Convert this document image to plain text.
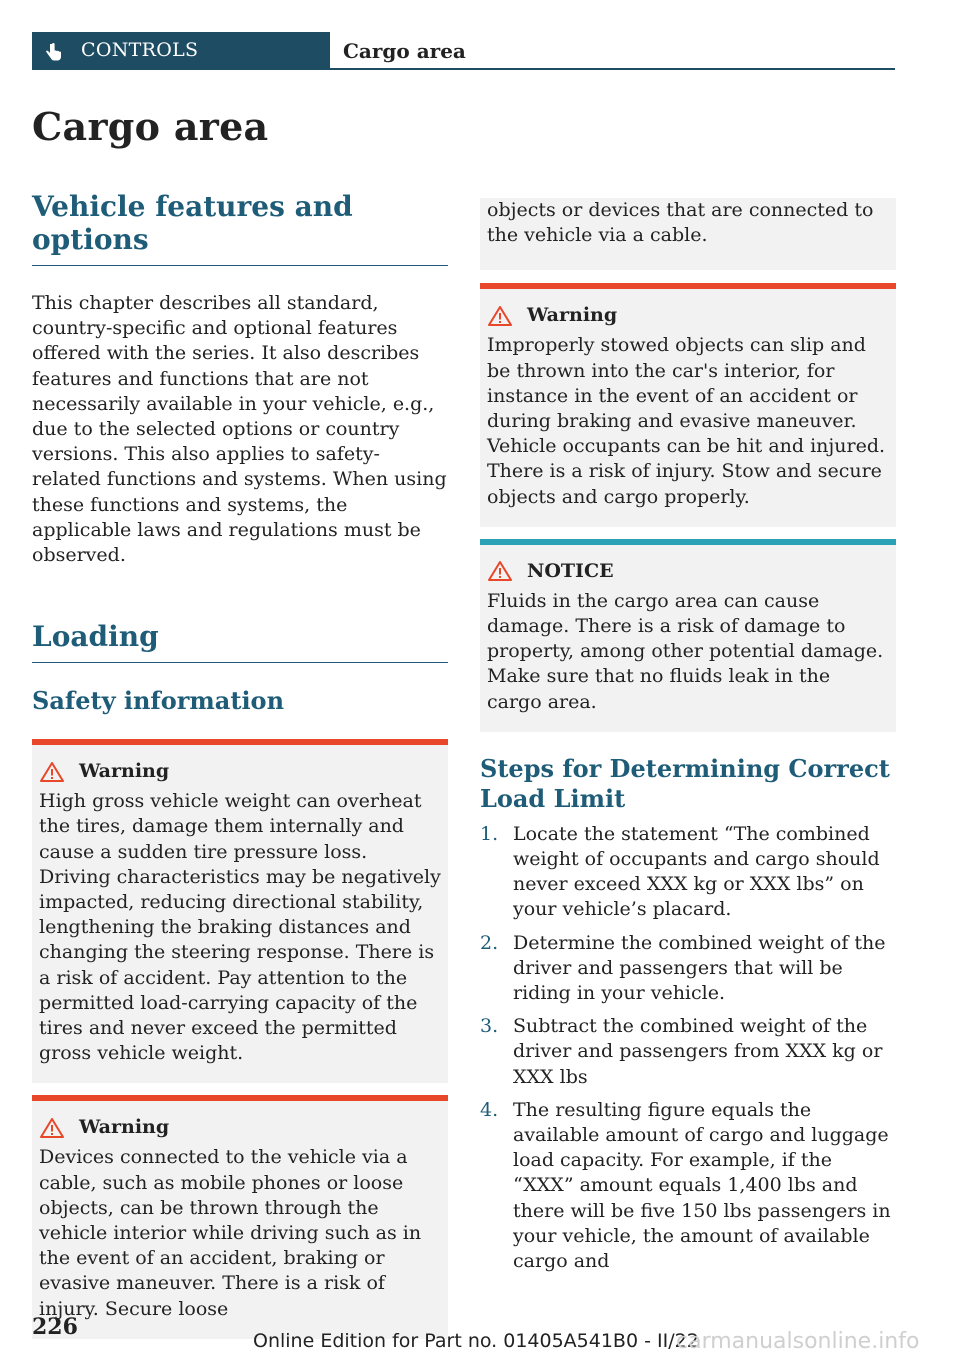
CONTROLS	Cargo area
Cargo area
Vehicle features and options

This chapter describes all standard, country-specific and optional features offered with the series. It also describes features and functions that are not necessarily available in your vehicle, e.g., due to the selected options or country versions. This also applies to safety-related functions and systems. When using these functions and systems, the applicable laws and regulations must be observed.

Loading
Safety information

Warning

High gross vehicle weight can overheat the tires, damage them internally and cause a sudden tire pressure loss. Driving characteristics may be negatively impacted, reducing directional stability, lengthening the braking distances and changing the steering response. There is a risk of accident. Pay attention to the permitted load-carrying capacity of the tires and never exceed the permitted gross vehicle weight.

Warning

Devices connected to the vehicle via a cable, such as mobile phones or loose objects, can be thrown through the vehicle interior while driving such as in the event of an accident, braking or evasive maneuver. There is a risk of injury. Secure loose

objects or devices that are connected to the vehicle via a cable.

Warning

Improperly stowed objects can slip and be thrown into the car's interior, for instance in the event of an accident or during braking and evasive maneuver. Vehicle occupants can be hit and injured. There is a risk of injury. Stow and secure objects and cargo properly.

NOTICE

Fluids in the cargo area can cause damage. There is a risk of damage to property, among other potential damage. Make sure that no fluids leak in the cargo area.

Steps for Determining Correct Load Limit
1. Locate the statement “The combined weight of occupants and cargo should never exceed XXX kg or XXX lbs” on your vehicle’s placard.
2. Determine the combined weight of the driver and passengers that will be riding in your vehicle.
3. Subtract the combined weight of the driver and passengers from XXX kg or XXX lbs
4. The resulting figure equals the available amount of cargo and luggage load capacity. For example, if the “XXX” amount equals 1,400 lbs and there will be five 150 lbs passengers in your vehicle, the amount of available cargo and
226
Online Edition for Part no. 01405A541B0 - II/22
carmanualsonline.info
